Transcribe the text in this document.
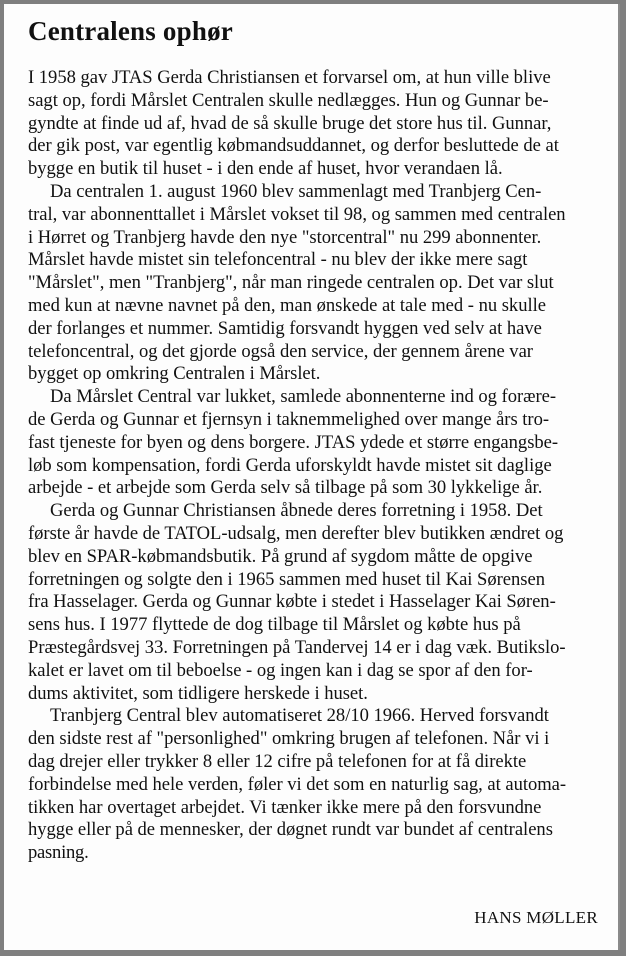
Centralens ophør
I 1958 gav JTAS Gerda Christiansen et forvarsel om, at hun ville blive
sagt op, fordi Mårslet Centralen skulle nedlægges. Hun og Gunnar be-
gyndte at finde ud af, hvad de så skulle bruge det store hus til. Gunnar,
der gik post, var egentlig købmandsuddannet, og derfor besluttede de at
bygge en butik til huset - i den ende af huset, hvor verandaen lå.
Da centralen 1. august 1960 blev sammenlagt med Tranbjerg Cen-
tral, var abonnenttallet i Mårslet vokset til 98, og sammen med centralen
i Hørret og Tranbjerg havde den nye "storcentral" nu 299 abonnenter.
Mårslet havde mistet sin telefoncentral - nu blev der ikke mere sagt
"Mårslet", men "Tranbjerg", når man ringede centralen op. Det var slut
med kun at nævne navnet på den, man ønskede at tale med - nu skulle
der forlanges et nummer. Samtidig forsvandt hyggen ved selv at have
telefoncentral, og det gjorde også den service, der gennem årene var
bygget op omkring Centralen i Mårslet.
Da Mårslet Central var lukket, samlede abonnenterne ind og forære-
de Gerda og Gunnar et fjernsyn i taknemmelighed over mange års tro-
fast tjeneste for byen og dens borgere. JTAS ydede et større engangsbe-
løb som kompensation, fordi Gerda uforskyldt havde mistet sit daglige
arbejde - et arbejde som Gerda selv så tilbage på som 30 lykkelige år.
Gerda og Gunnar Christiansen åbnede deres forretning i 1958. Det
første år havde de TATOL-udsalg, men derefter blev butikken ændret og
blev en SPAR-købmandsbutik. På grund af sygdom måtte de opgive
forretningen og solgte den i 1965 sammen med huset til Kai Sørensen
fra Hasselager. Gerda og Gunnar købte i stedet i Hasselager Kai Søren-
sens hus. I 1977 flyttede de dog tilbage til Mårslet og købte hus på
Præstegårdsvej 33. Forretningen på Tandervej 14 er i dag væk. Butikslo-
kalet er lavet om til beboelse - og ingen kan i dag se spor af den for-
dums aktivitet, som tidligere herskede i huset.
Tranbjerg Central blev automatiseret 28/10 1966. Herved forsvandt
den sidste rest af "personlighed" omkring brugen af telefonen. Når vi i
dag drejer eller trykker 8 eller 12 cifre på telefonen for at få direkte
forbindelse med hele verden, føler vi det som en naturlig sag, at automa-
tikken har overtaget arbejdet. Vi tænker ikke mere på den forsvundne
hygge eller på de mennesker, der døgnet rundt var bundet af centralens
pasning.
HANS MØLLER
